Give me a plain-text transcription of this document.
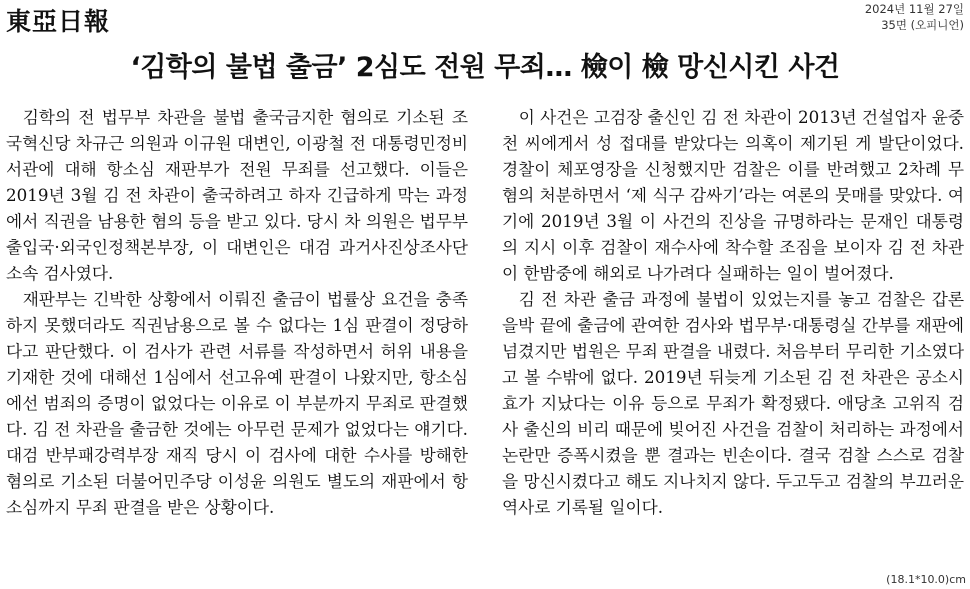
東亞日報	2024년 11월 27일
35면 (오피니언)
‘김학의 불법 출금’ 2심도 전원 무죄… 檢이 檢 망신시킨 사건

김학의 전 법무부 차관을 불법 출국금지한 혐의로 기소된 조국혁신당 차규근 의원과 이규원 대변인, 이광철 전 대통령민정비서관에 대해 항소심 재판부가 전원 무죄를 선고했다. 이들은 2019년 3월 김 전 차관이 출국하려고 하자 긴급하게 막는 과정에서 직권을 남용한 혐의 등을 받고 있다. 당시 차 의원은 법무부 출입국·외국인정책본부장, 이 대변인은 대검 과거사진상조사단 소속 검사였다.

재판부는 긴박한 상황에서 이뤄진 출금이 법률상 요건을 충족하지 못했더라도 직권남용으로 볼 수 없다는 1심 판결이 정당하다고 판단했다. 이 검사가 관련 서류를 작성하면서 허위 내용을 기재한 것에 대해선 1심에서 선고유예 판결이 나왔지만, 항소심에선 범죄의 증명이 없었다는 이유로 이 부분까지 무죄로 판결했다. 김 전 차관을 출금한 것에는 아무런 문제가 없었다는 얘기다. 대검 반부패강력부장 재직 당시 이 검사에 대한 수사를 방해한 혐의로 기소된 더불어민주당 이성윤 의원도 별도의 재판에서 항소심까지 무죄 판결을 받은 상황이다.

이 사건은 고검장 출신인 김 전 차관이 2013년 건설업자 윤중천 씨에게서 성 접대를 받았다는 의혹이 제기된 게 발단이었다. 경찰이 체포영장을 신청했지만 검찰은 이를 반려했고 2차례 무혐의 처분하면서 ‘제 식구 감싸기’라는 여론의 뭇매를 맞았다. 여기에 2019년 3월 이 사건의 진상을 규명하라는 문재인 대통령의 지시 이후 검찰이 재수사에 착수할 조짐을 보이자 김 전 차관이 한밤중에 해외로 나가려다 실패하는 일이 벌어졌다.

김 전 차관 출금 과정에 불법이 있었는지를 놓고 검찰은 갑론을박 끝에 출금에 관여한 검사와 법무부·대통령실 간부를 재판에 넘겼지만 법원은 무죄 판결을 내렸다. 처음부터 무리한 기소였다고 볼 수밖에 없다. 2019년 뒤늦게 기소된 김 전 차관은 공소시효가 지났다는 이유 등으로 무죄가 확정됐다. 애당초 고위직 검사 출신의 비리 때문에 빚어진 사건을 검찰이 처리하는 과정에서 논란만 증폭시켰을 뿐 결과는 빈손이다. 결국 검찰 스스로 검찰을 망신시켰다고 해도 지나치지 않다. 두고두고 검찰의 부끄러운 역사로 기록될 일이다.

(18.1*10.0)cm
